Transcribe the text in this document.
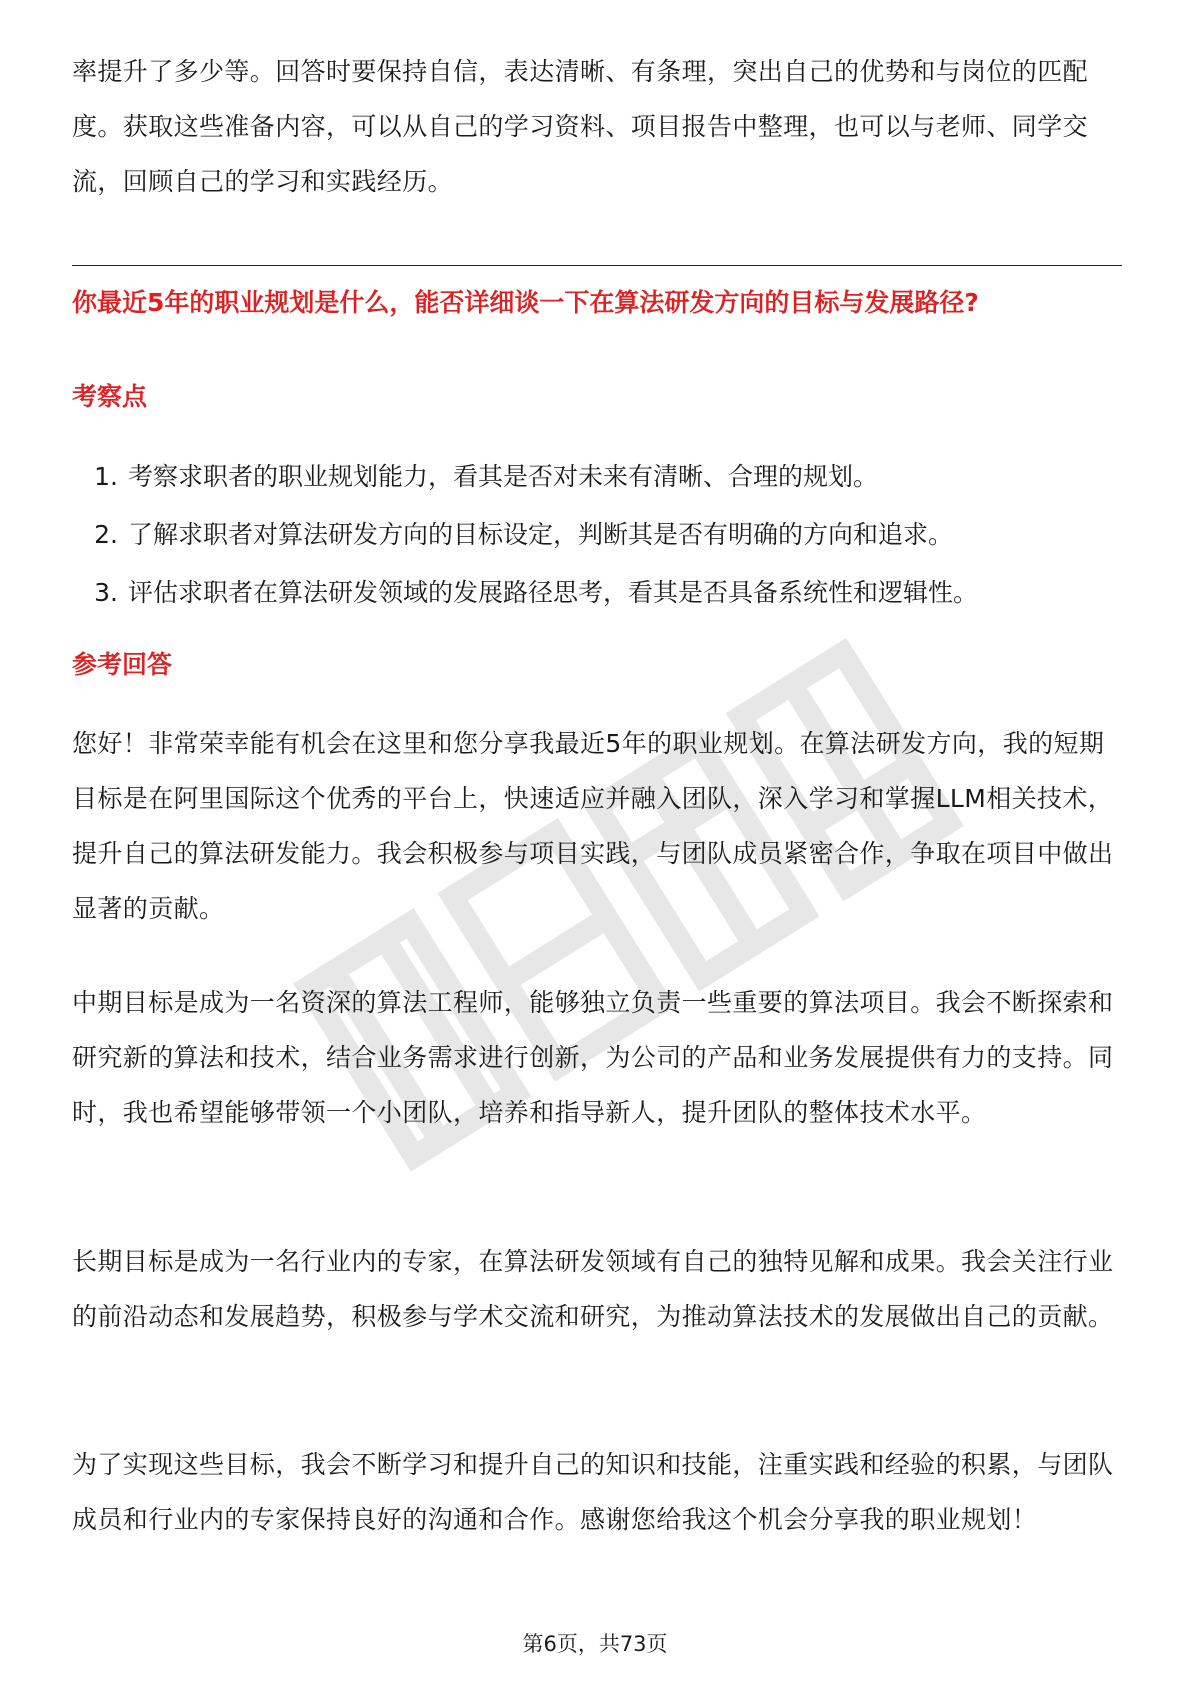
率提升了多少等。回答时要保持自信，表达清晰、有条理，突出自己的优势和与岗位的匹配度。获取这些准备内容，可以从自己的学习资料、项目报告中整理，也可以与老师、同学交流，回顾自己的学习和实践经历。

你最近5年的职业规划是什么，能否详细谈一下在算法研发方向的目标与发展路径?

考察点

1. 考察求职者的职业规划能力，看其是否对未来有清晰、合理的规划。
2. 了解求职者对算法研发方向的目标设定，判断其是否有明确的方向和追求。
3. 评估求职者在算法研发领域的发展路径思考，看其是否具备系统性和逻辑性。

参考回答

您好！非常荣幸能有机会在这里和您分享我最近5年的职业规划。在算法研发方向，我的短期目标是在阿里国际这个优秀的平台上，快速适应并融入团队，深入学习和掌握LLM相关技术，提升自己的算法研发能力。我会积极参与项目实践，与团队成员紧密合作，争取在项目中做出显著的贡献。

中期目标是成为一名资深的算法工程师，能够独立负责一些重要的算法项目。我会不断探索和研究新的算法和技术，结合业务需求进行创新，为公司的产品和业务发展提供有力的支持。同时，我也希望能够带领一个小团队，培养和指导新人，提升团队的整体技术水平。

长期目标是成为一名行业内的专家，在算法研发领域有自己的独特见解和成果。我会关注行业的前沿动态和发展趋势，积极参与学术交流和研究，为推动算法技术的发展做出自己的贡献。

为了实现这些目标，我会不断学习和提升自己的知识和技能，注重实践和经验的积累，与团队成员和行业内的专家保持良好的沟通和合作。感谢您给我这个机会分享我的职业规划！

第6页，共73页
